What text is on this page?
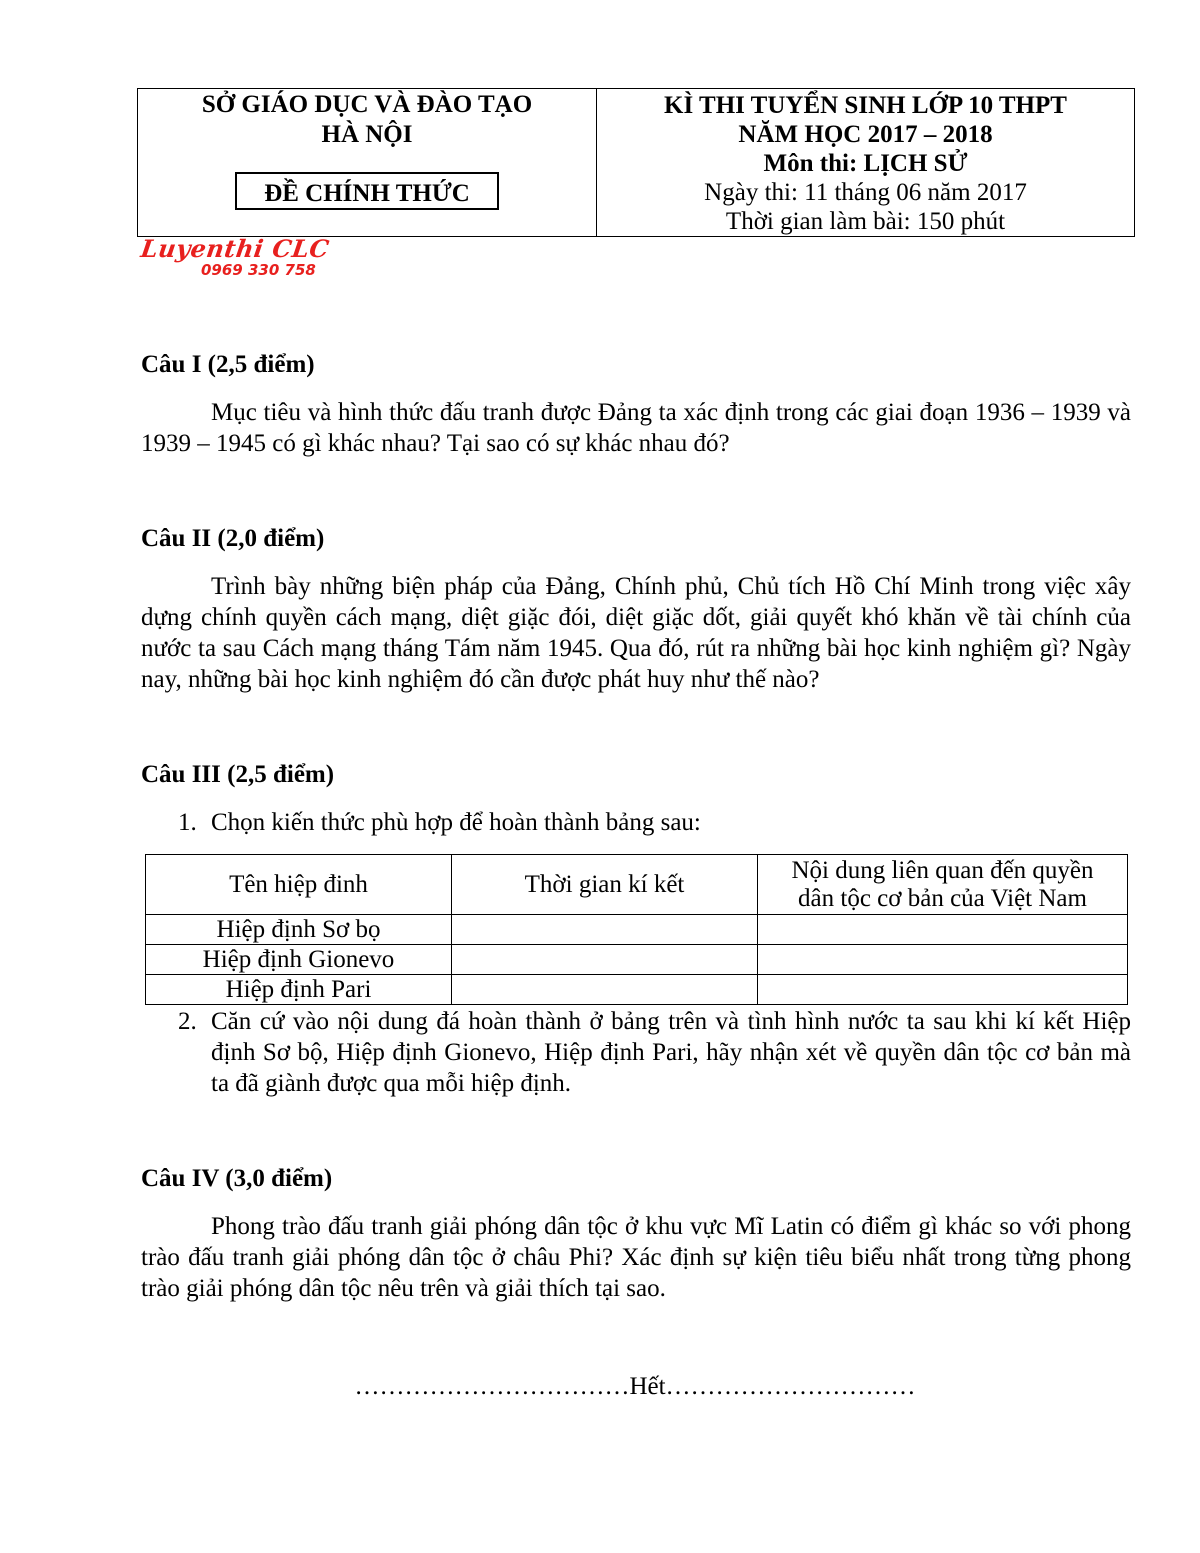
SỞ GIÁO DỤC VÀ ĐÀO TẠO
HÀ NỘI
ĐỀ CHÍNH THỨC

KÌ THI TUYỂN SINH LỚP 10 THPT
NĂM HỌC 2017 – 2018
Môn thi: LỊCH SỬ
Ngày thi: 11 tháng 06 năm 2017
Thời gian làm bài: 150 phút
Luyenthi CLC
0969 330 758
Câu I (2,5 điểm)
Mục tiêu và hình thức đấu tranh được Đảng ta xác định trong các giai đoạn 1936 – 1939 và 1939 – 1945 có gì khác nhau? Tại sao có sự khác nhau đó?
Câu II (2,0 điểm)
Trình bày những biện pháp của Đảng, Chính phủ, Chủ tích Hồ Chí Minh trong việc xây dựng chính quyền cách mạng, diệt giặc đói, diệt giặc dốt, giải quyết khó khăn về tài chính của nước ta sau Cách mạng tháng Tám năm 1945. Qua đó, rút ra những bài học kinh nghiệm gì? Ngày nay, những bài học kinh nghiệm đó cần được phát huy như thế nào?
Câu III (2,5 điểm)
1. Chọn kiến thức phù hợp để hoàn thành bảng sau:
Tên hiệp đinh	Thời gian kí kết	Nội dung liên quan đến quyền dân tộc cơ bản của Việt Nam
Hiệp định Sơ bọ		
Hiệp định Gionevo		
Hiệp định Pari		
2. Căn cứ vào nội dung đá hoàn thành ở bảng trên và tình hình nước ta sau khi kí kết Hiệp định Sơ bộ, Hiệp định Gionevo, Hiệp định Pari, hãy nhận xét về quyền dân tộc cơ bản mà ta đã giành được qua mỗi hiệp định.
Câu IV (3,0 điểm)
Phong trào đấu tranh giải phóng dân tộc ở khu vực Mĩ Latin có điểm gì khác so với phong trào đấu tranh giải phóng dân tộc ở châu Phi? Xác định sự kiện tiêu biểu nhất trong từng phong trào giải phóng dân tộc nêu trên và giải thích tại sao.
……………………………Hết…………………………
